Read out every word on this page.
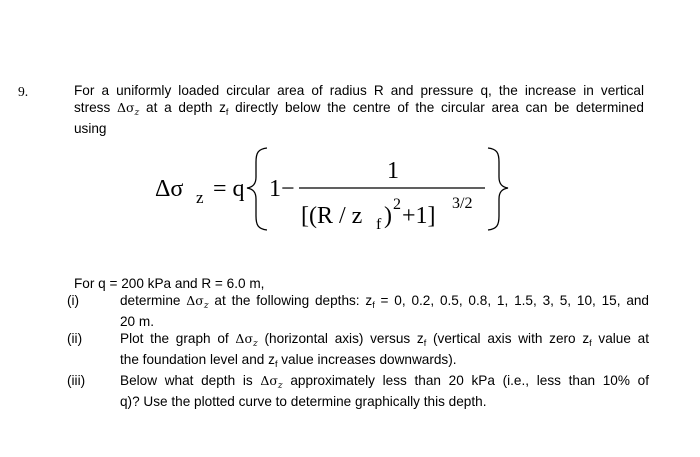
9.	For a uniformly loaded circular area of radius R and pressure q, the increase in vertical
stress $\Delta\sigma_z$ at a depth $z_f$ directly below the centre of the circular area can be determined
using
Δσ z = q 1−
1
[(R / z f ) 2 +1] 3/2
For q = 200 kPa and R = 6.0 m,
(i)	determine $\Delta\sigma_z$ at the following depths: $z_f = 0$, 0.2, 0.5, 0.8, 1, 1.5, 3, 5, 10, 15, and
20 m.
(ii)	Plot the graph of $\Delta\sigma_z$ (horizontal axis) versus $z_f$ (vertical axis with zero $z_f$ value at
the foundation level and $z_f$ value increases downwards).
(iii)	Below what depth is $\Delta\sigma_z$ approximately less than 20 kPa (i.e., less than 10% of
q)? Use the plotted curve to determine graphically this depth.
